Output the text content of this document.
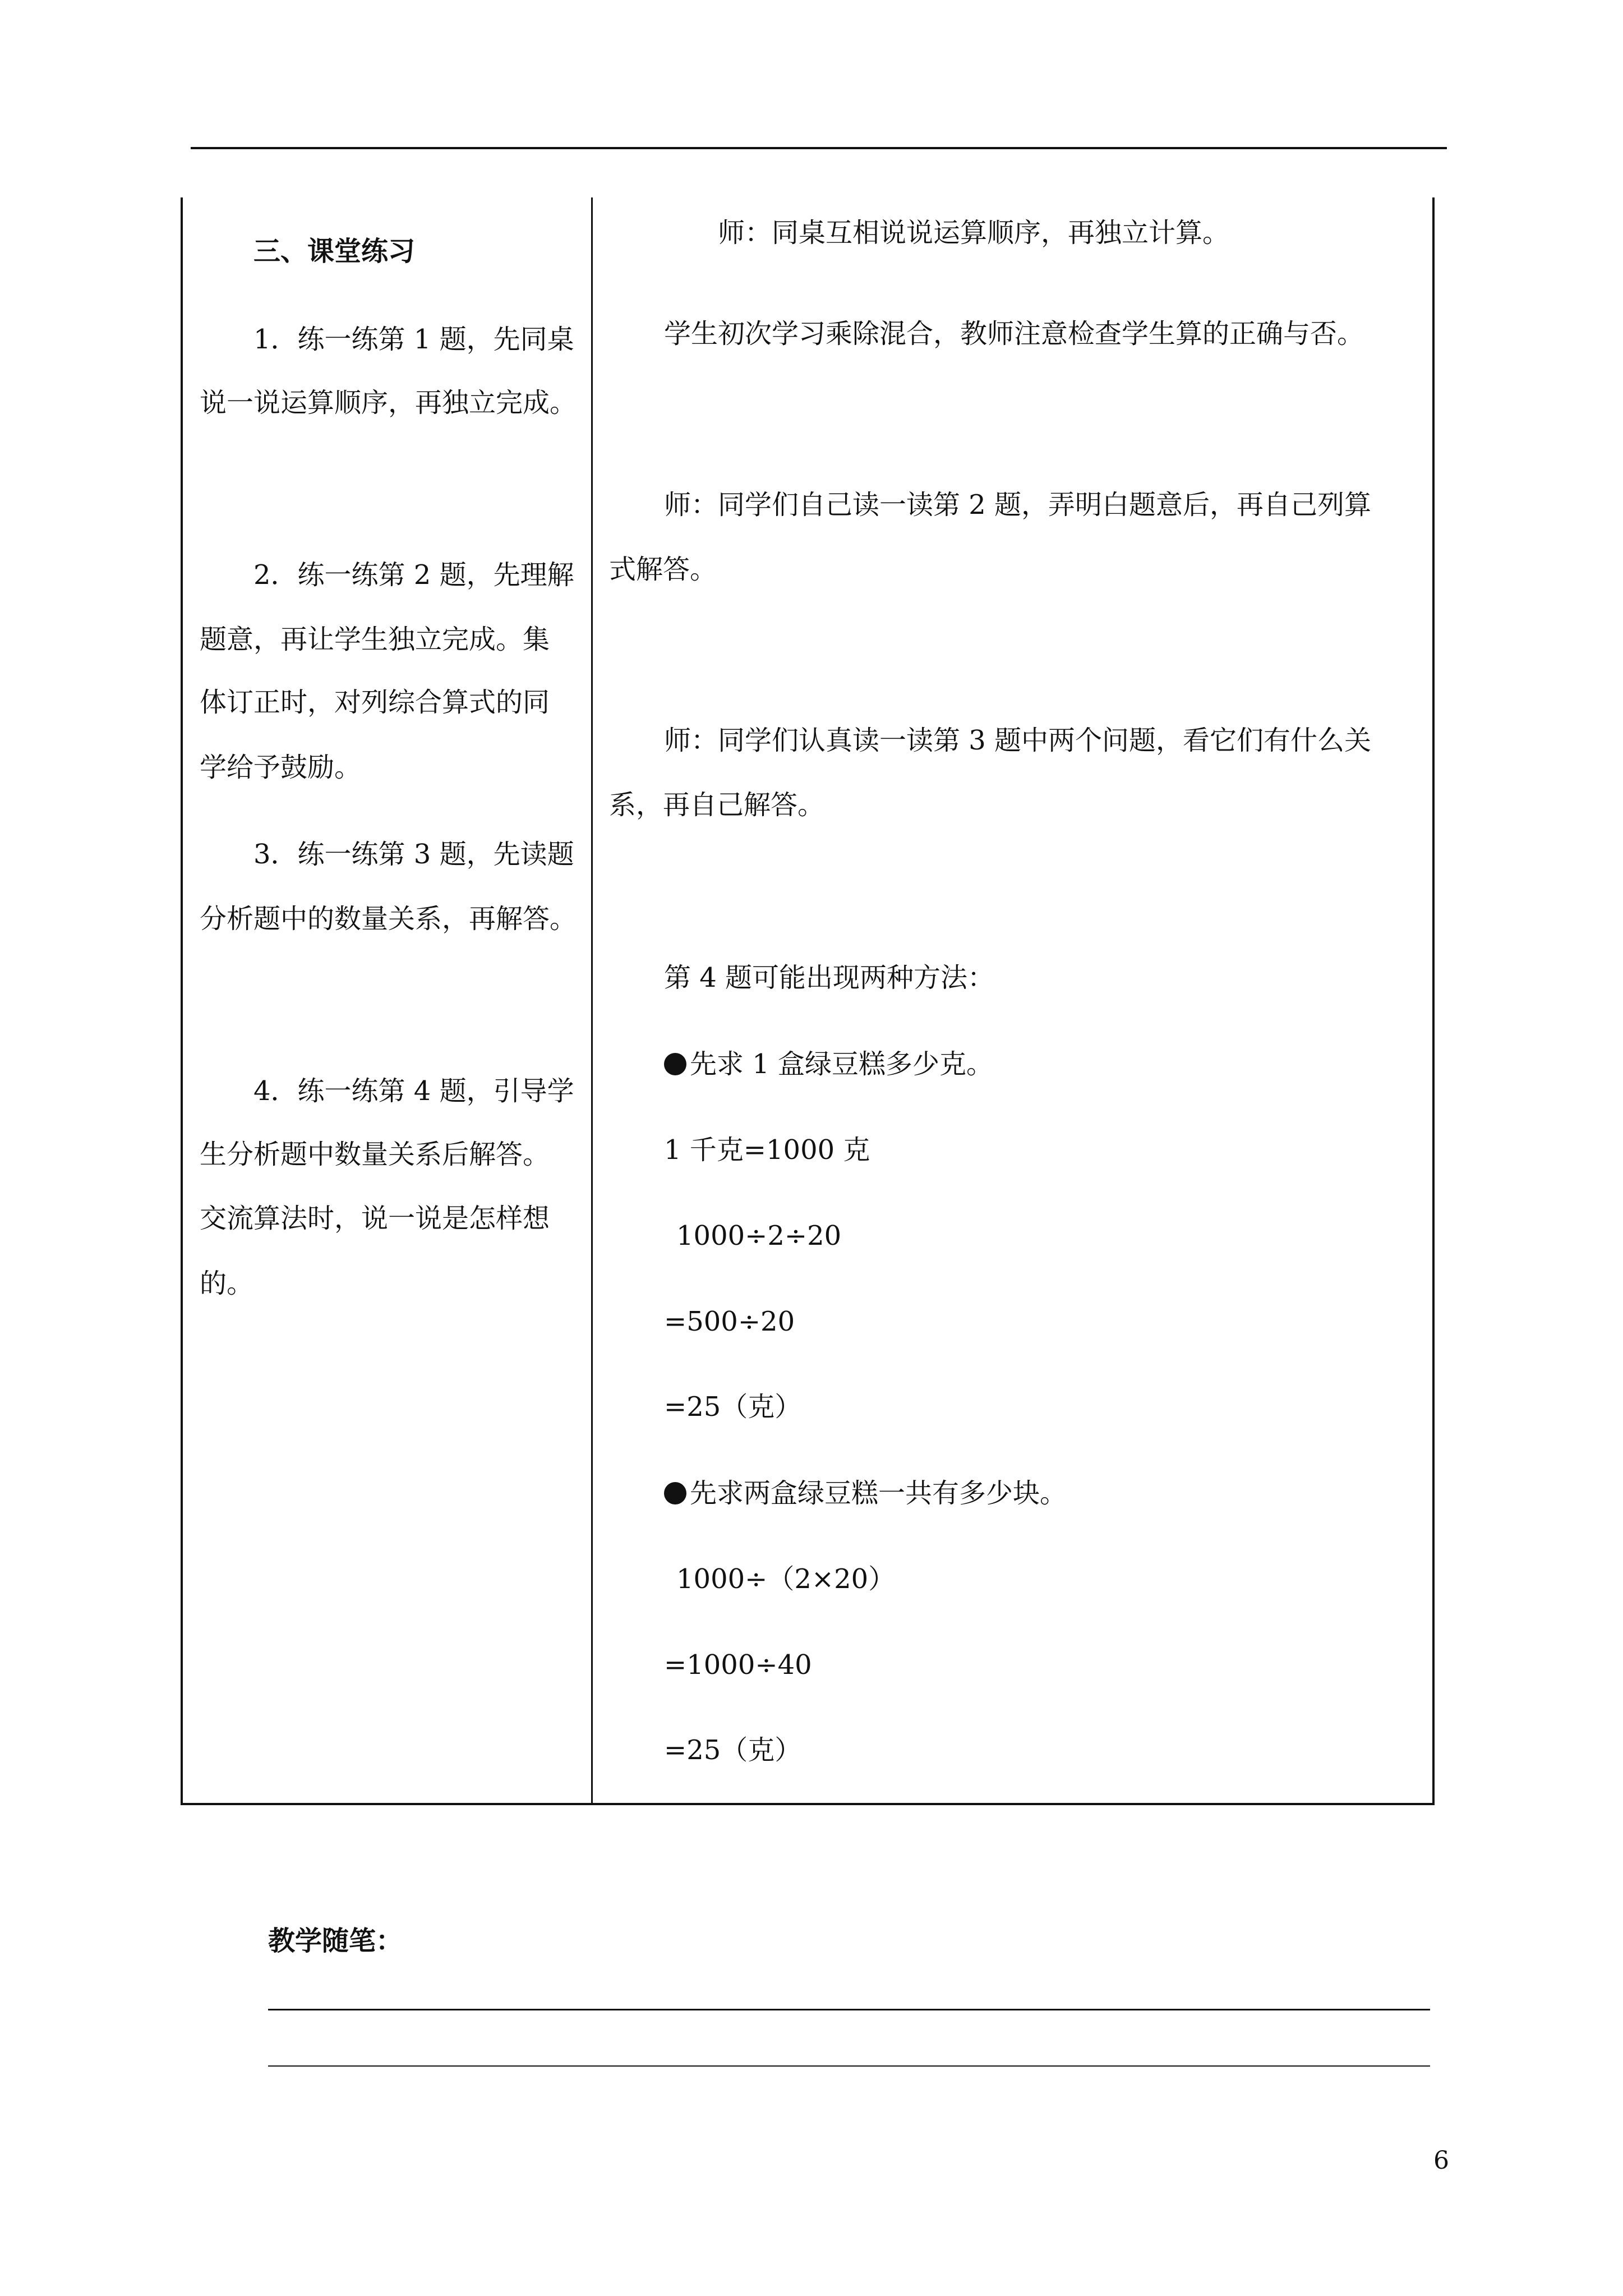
三、课堂练习
1．练一练第 1 题，先同桌
说一说运算顺序，再独立完成。
2．练一练第 2 题，先理解
题意，再让学生独立完成。集
体订正时，对列综合算式的同
学给予鼓励。
3．练一练第 3 题，先读题
分析题中的数量关系，再解答。
4．练一练第 4 题，引导学
生分析题中数量关系后解答。
交流算法时，说一说是怎样想
的。
师：同桌互相说说运算顺序，再独立计算。
学生初次学习乘除混合，教师注意检查学生算的正确与否。
师：同学们自己读一读第 2 题，弄明白题意后，再自己列算
式解答。
师：同学们认真读一读第 3 题中两个问题，看它们有什么关
系，再自己解答。
第 4 题可能出现两种方法：
先求 1 盒绿豆糕多少克。
1 千克=1000 克
1000÷2÷20
=500÷20
=25（克）
先求两盒绿豆糕一共有多少块。
1000÷（2×20）
=1000÷40
=25（克）
教学随笔：
6
